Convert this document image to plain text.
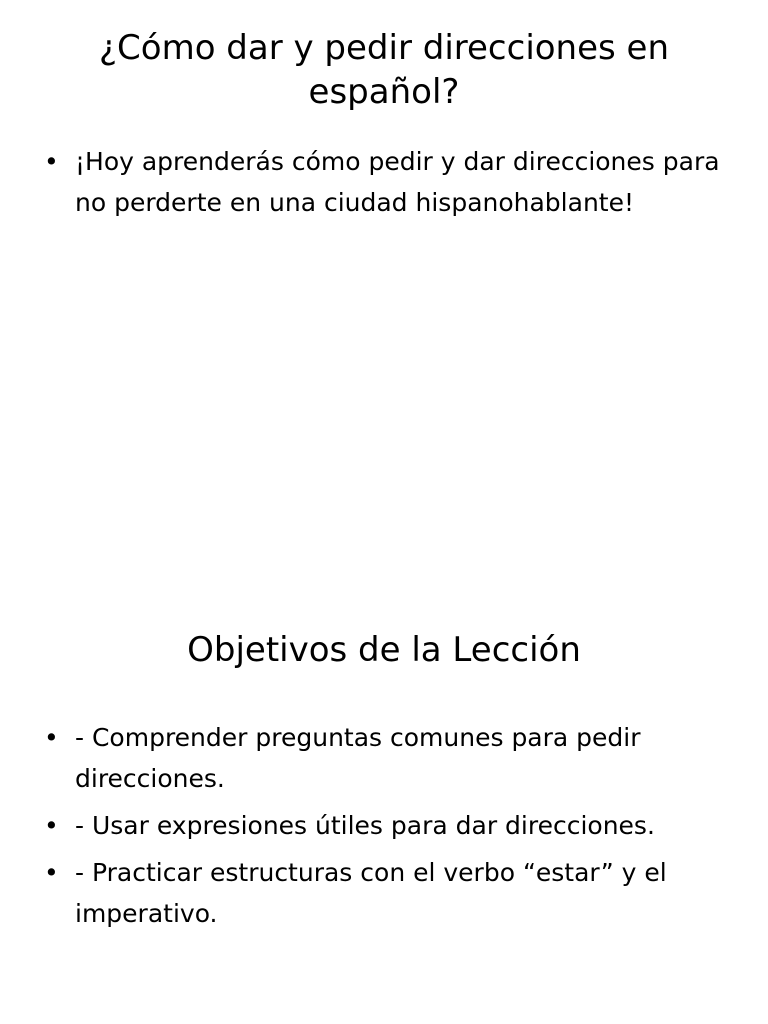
¿Cómo dar y pedir direcciones en español?
• ¡Hoy aprenderás cómo pedir y dar direcciones para no perderte en una ciudad hispanohablante!
Objetivos de la Lección
• - Comprender preguntas comunes para pedir direcciones.
• - Usar expresiones útiles para dar direcciones.
• - Practicar estructuras con el verbo “estar” y el imperativo.
